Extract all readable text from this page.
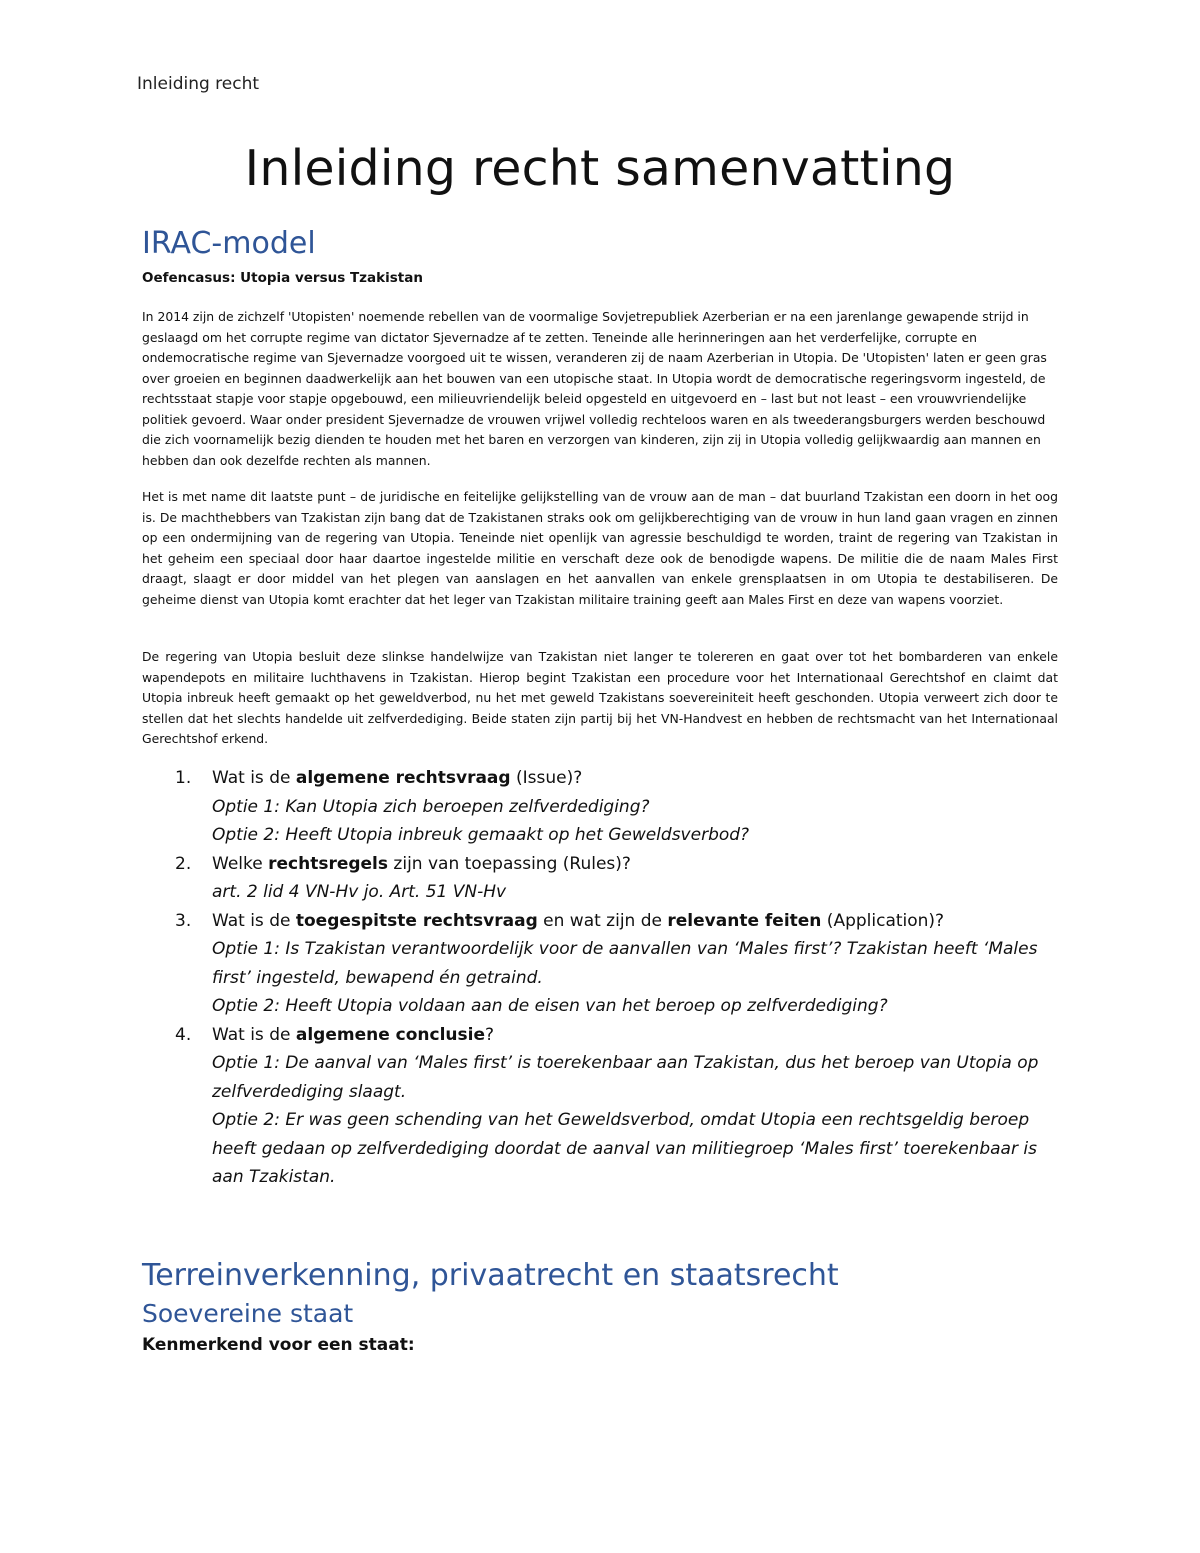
Inleiding recht
Inleiding recht samenvatting
IRAC-model

Oefencasus: Utopia versus Tzakistan

In 2014 zijn de zichzelf 'Utopisten' noemende rebellen van de voormalige Sovjetrepubliek Azerberian er na een jarenlange gewapende strijd in geslaagd om het corrupte regime van dictator Sjevernadze af te zetten. Teneinde alle herinneringen aan het verderfelijke, corrupte en ondemocratische regime van Sjevernadze voorgoed uit te wissen, veranderen zij de naam Azerberian in Utopia. De 'Utopisten' laten er geen gras over groeien en beginnen daadwerkelijk aan het bouwen van een utopische staat. In Utopia wordt de democratische regeringsvorm ingesteld, de rechtsstaat stapje voor stapje opgebouwd, een milieuvriendelijk beleid opgesteld en uitgevoerd en – last but not least – een vrouwvriendelijke politiek gevoerd. Waar onder president Sjevernadze de vrouwen vrijwel volledig rechteloos waren en als tweederangsburgers werden beschouwd die zich voornamelijk bezig dienden te houden met het baren en verzorgen van kinderen, zijn zij in Utopia volledig gelijkwaardig aan mannen en hebben dan ook dezelfde rechten als mannen.

Het is met name dit laatste punt – de juridische en feitelijke gelijkstelling van de vrouw aan de man – dat buurland Tzakistan een doorn in het oog is. De machthebbers van Tzakistan zijn bang dat de Tzakistanen straks ook om gelijkberechtiging van de vrouw in hun land gaan vragen en zinnen op een ondermijning van de regering van Utopia. Teneinde niet openlijk van agressie beschuldigd te worden, traint de regering van Tzakistan in het geheim een speciaal door haar daartoe ingestelde militie en verschaft deze ook de benodigde wapens. De militie die de naam Males First draagt, slaagt er door middel van het plegen van aanslagen en het aanvallen van enkele grensplaatsen in om Utopia te destabiliseren. De geheime dienst van Utopia komt erachter dat het leger van Tzakistan militaire training geeft aan Males First en deze van wapens voorziet.

De regering van Utopia besluit deze slinkse handelwijze van Tzakistan niet langer te tolereren en gaat over tot het bombarderen van enkele wapendepots en militaire luchthavens in Tzakistan. Hierop begint Tzakistan een procedure voor het Internationaal Gerechtshof en claimt dat Utopia inbreuk heeft gemaakt op het geweldverbod, nu het met geweld Tzakistans soevereiniteit heeft geschonden. Utopia verweert zich door te stellen dat het slechts handelde uit zelfverdediging. Beide staten zijn partij bij het VN-Handvest en hebben de rechtsmacht van het Internationaal Gerechtshof erkend.

1. Wat is de algemene rechtsvraag (Issue)?
Optie 1: Kan Utopia zich beroepen zelfverdediging?
Optie 2: Heeft Utopia inbreuk gemaakt op het Geweldsverbod?
2. Welke rechtsregels zijn van toepassing (Rules)?
art. 2 lid 4 VN-Hv jo. Art. 51 VN-Hv
3. Wat is de toegespitste rechtsvraag en wat zijn de relevante feiten (Application)?
Optie 1: Is Tzakistan verantwoordelijk voor de aanvallen van ‘Males first’? Tzakistan heeft ‘Males first’ ingesteld, bewapend én getraind.
Optie 2: Heeft Utopia voldaan aan de eisen van het beroep op zelfverdediging?
4. Wat is de algemene conclusie?
Optie 1: De aanval van ‘Males first’ is toerekenbaar aan Tzakistan, dus het beroep van Utopia op zelfverdediging slaagt.
Optie 2: Er was geen schending van het Geweldsverbod, omdat Utopia een rechtsgeldig beroep heeft gedaan op zelfverdediging doordat de aanval van militiegroep ‘Males first’ toerekenbaar is aan Tzakistan.
Terreinverkenning, privaatrecht en staatsrecht
Soevereine staat

Kenmerkend voor een staat:
